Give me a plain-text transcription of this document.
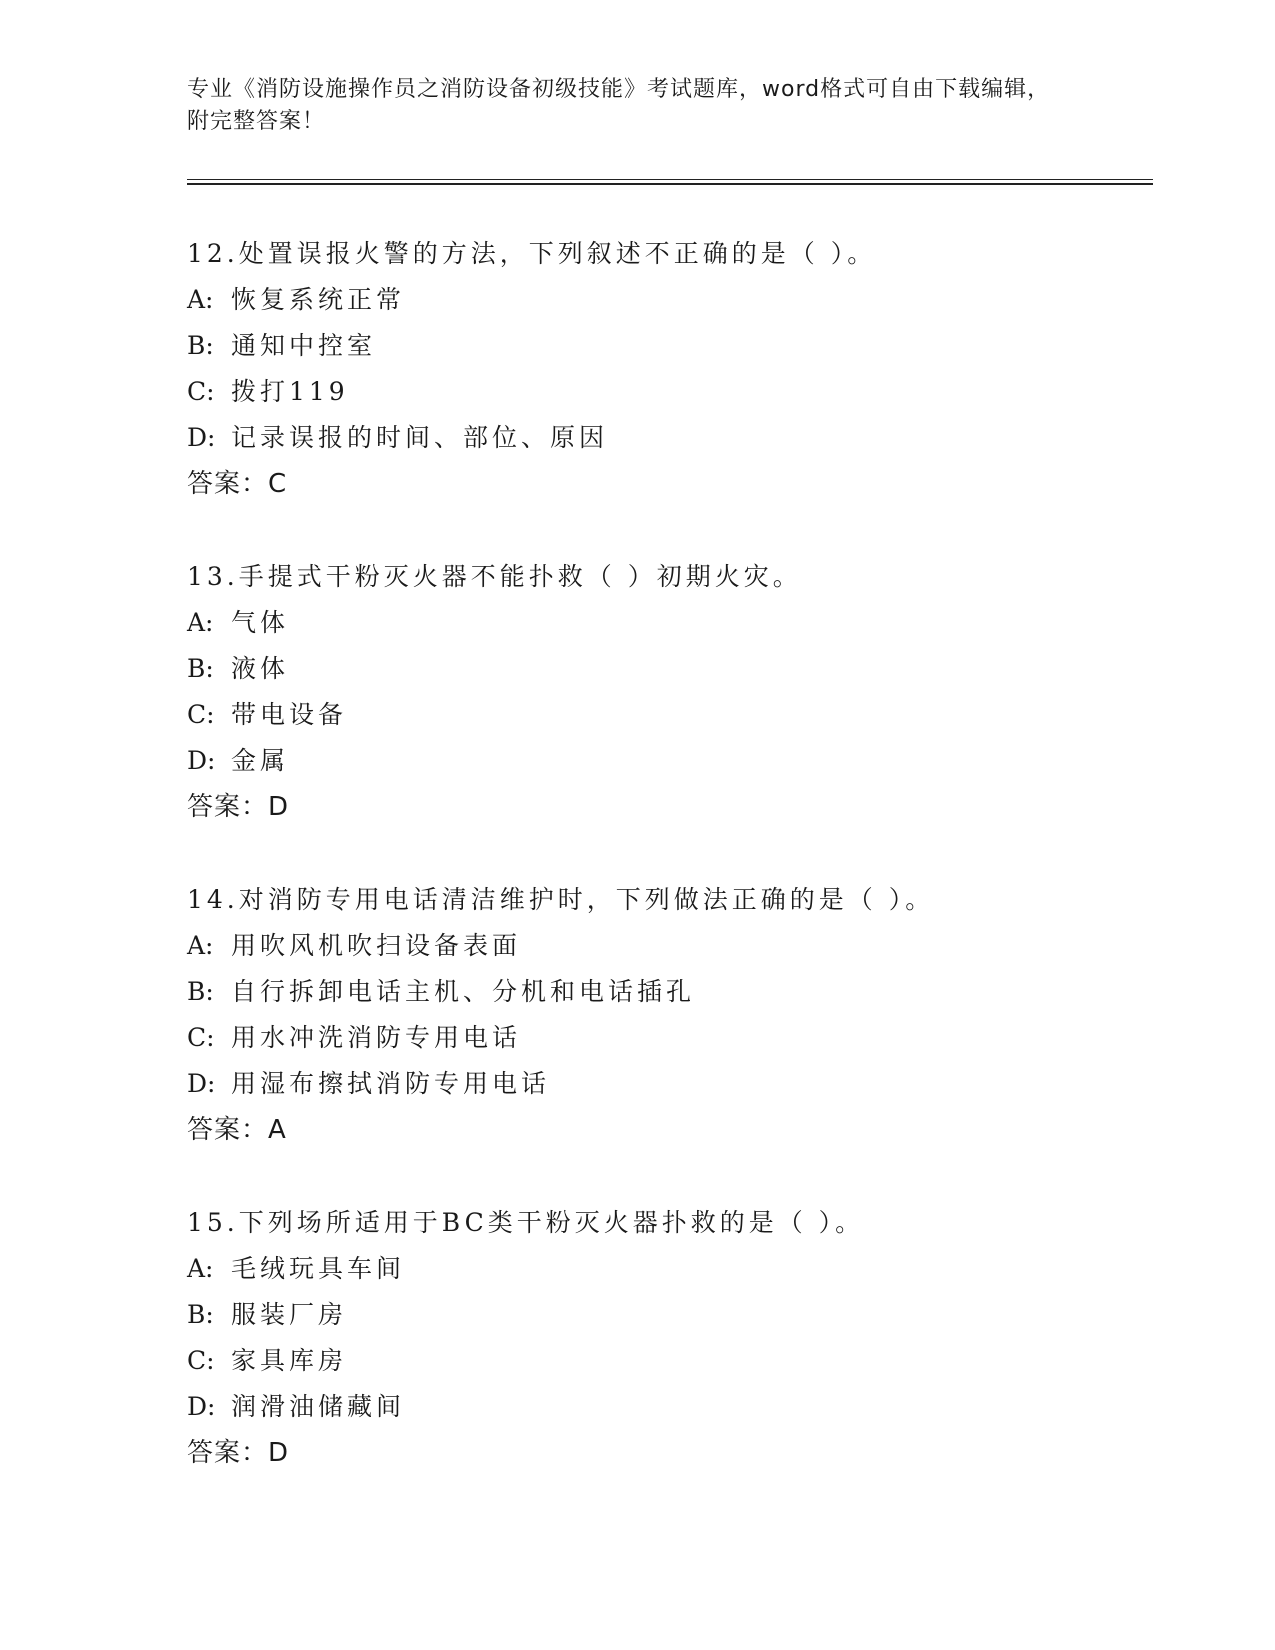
专业《消防设施操作员之消防设备初级技能》考试题库，word格式可自由下载编辑，附完整答案！
12.处置误报火警的方法，下列叙述不正确的是（ ）。
A: 恢复系统正常
B: 通知中控室
C: 拨打119
D: 记录误报的时间、部位、原因
答案：C
13.手提式干粉灭火器不能扑救（ ）初期火灾。
A: 气体
B: 液体
C: 带电设备
D: 金属
答案：D
14.对消防专用电话清洁维护时，下列做法正确的是（ ）。
A: 用吹风机吹扫设备表面
B: 自行拆卸电话主机、分机和电话插孔
C: 用水冲洗消防专用电话
D: 用湿布擦拭消防专用电话
答案：A
15.下列场所适用于BC类干粉灭火器扑救的是（ ）。
A: 毛绒玩具车间
B: 服装厂房
C: 家具库房
D: 润滑油储藏间
答案：D
